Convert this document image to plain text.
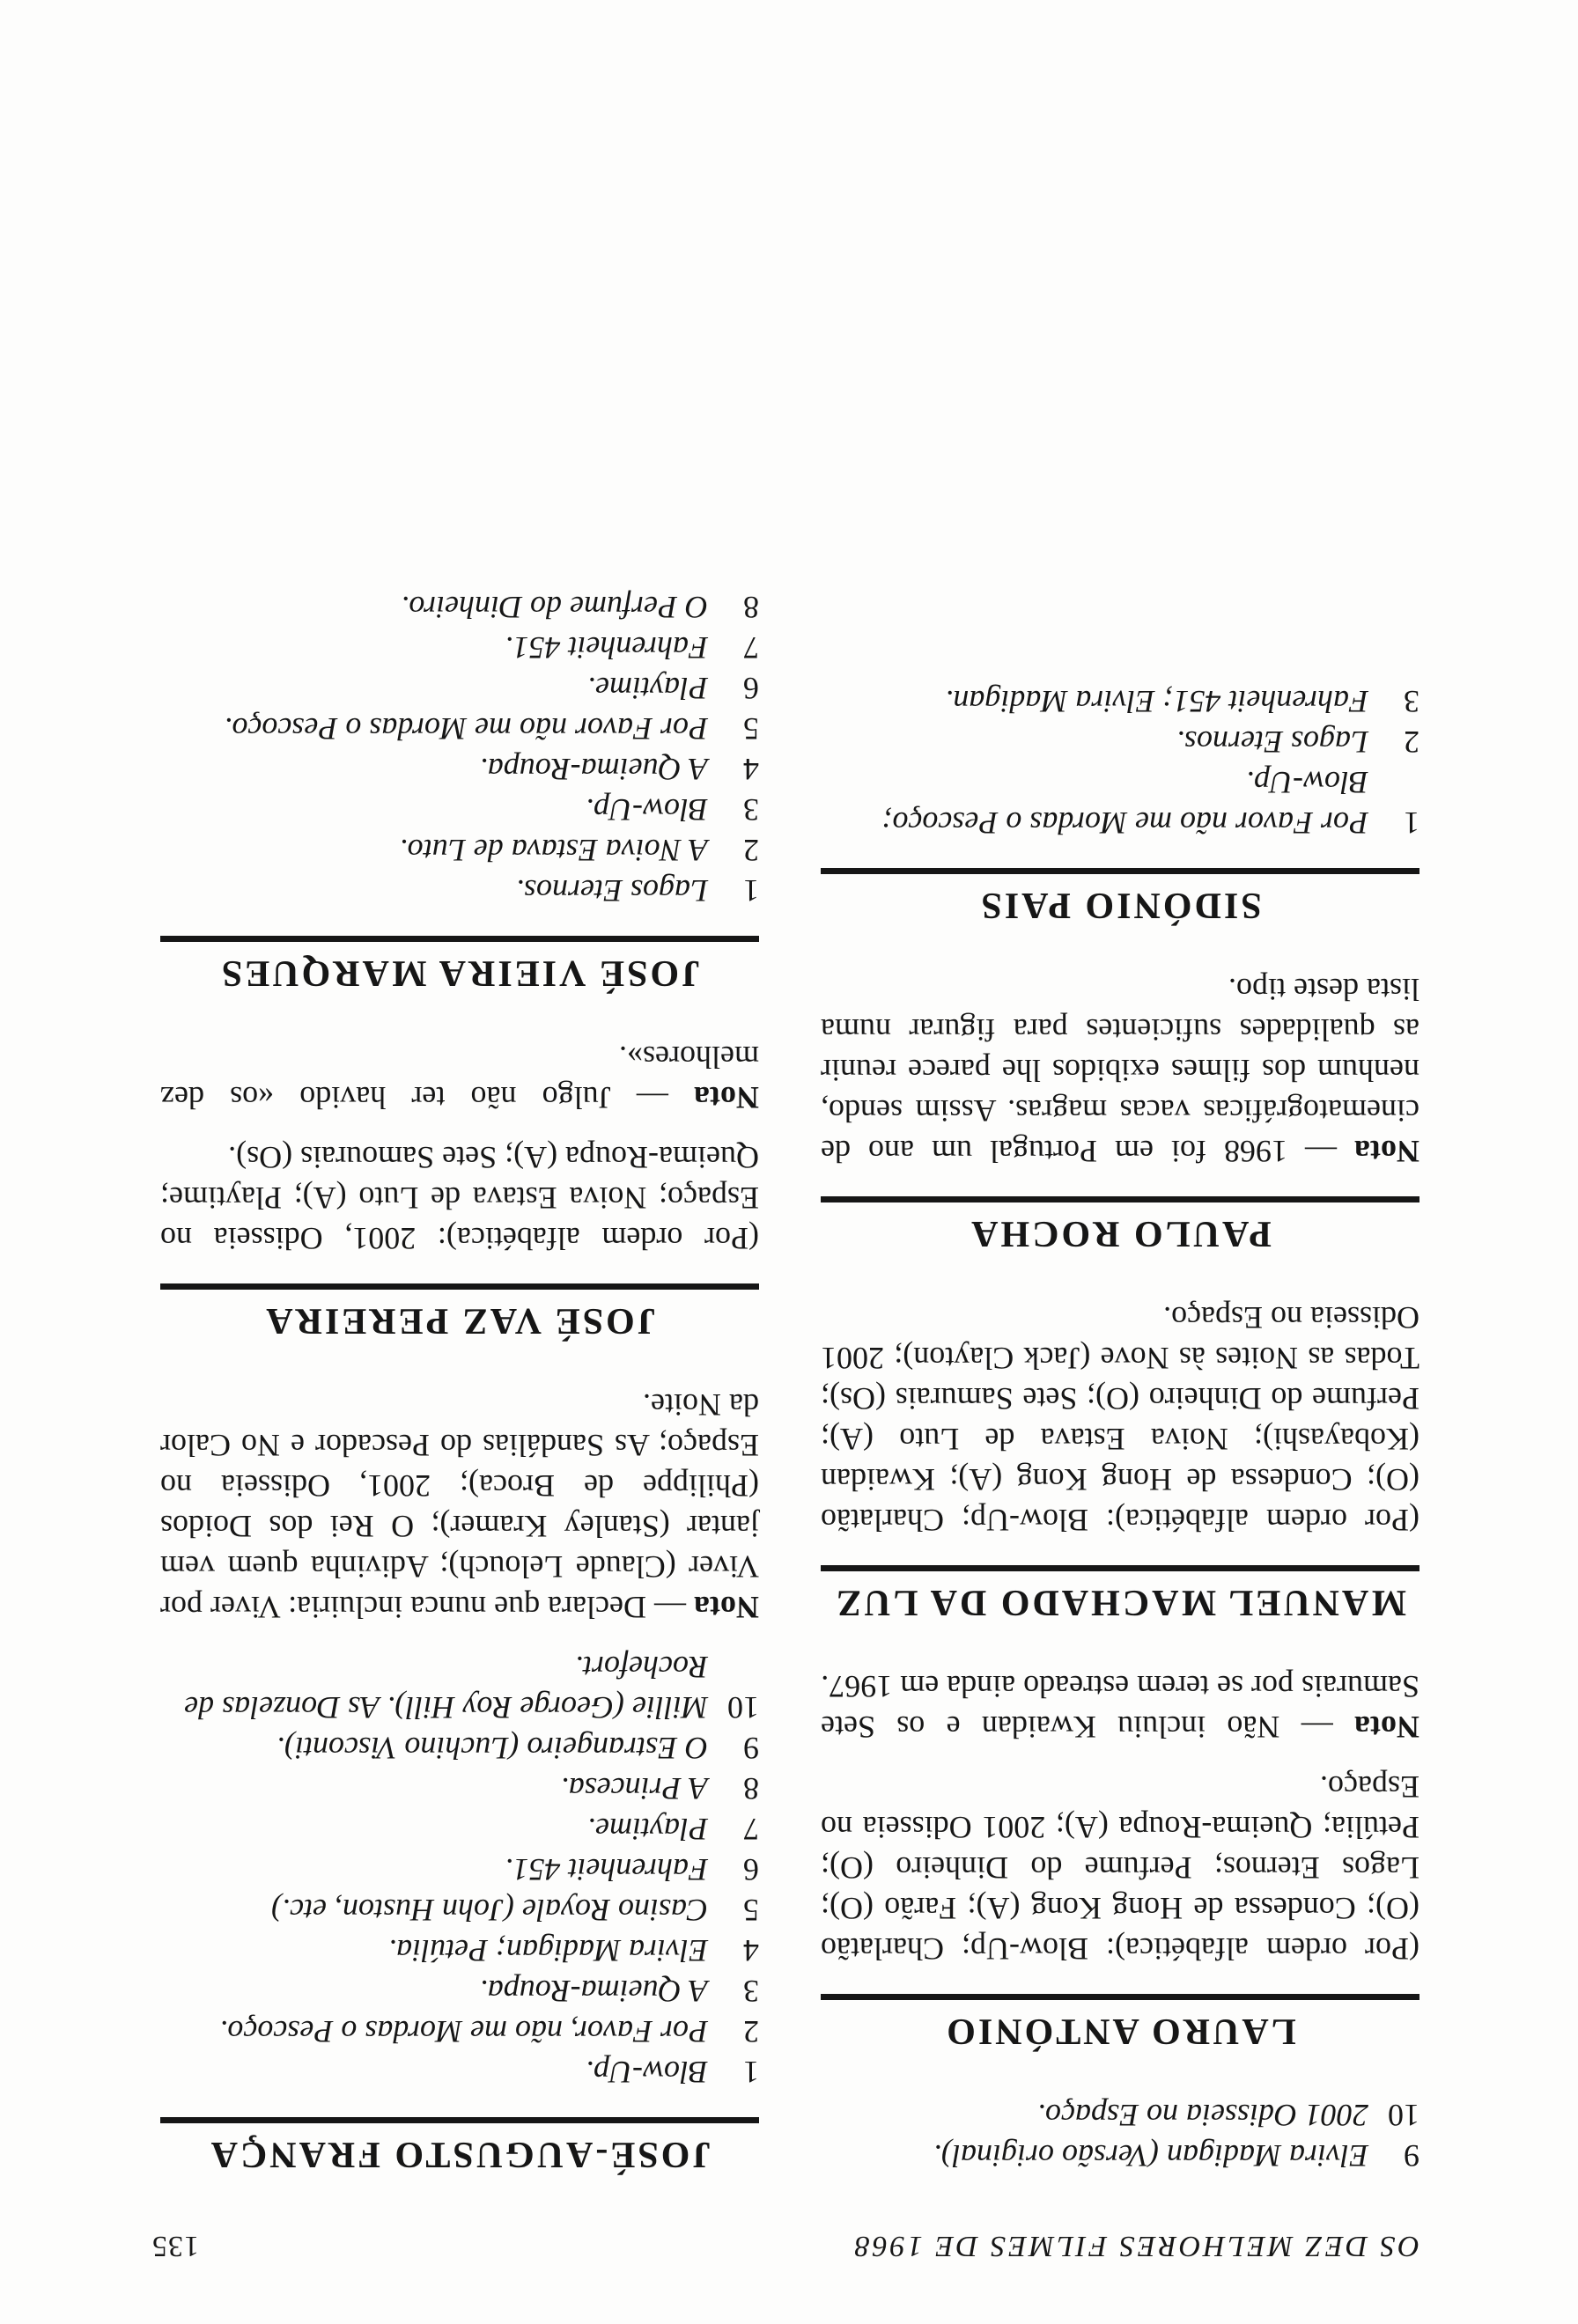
OS DEZ MELHORES FILMES DE 1968
135
9
Elvira Madigan (Versão original).
10
2001 Odisseia no Espaço.
LAURO ANTÓNIO

(Por ordem alfabética): Blow-Up; Charlatão (O); Condessa de Hong Kong (A); Farão (O); Lagos Eternos; Perfume do Dinheiro (O); Petúlia; Queima-Roupa (A); 2001 Odisseia no Espaço.

Nota — Não incluiu Kwaidan e os Sete Samurais por se terem estreado ainda em 1967.

MANUEL MACHADO DA LUZ

(Por ordem alfabética): Blow-Up; Charlatão (O); Condessa de Hong Kong (A); Kwaidan (Kobayashi); Noiva Estava de Luto (A); Perfume do Dinheiro (O); Sete Samurais (Os); Todas as Noites às Nove (Jack Clayton); 2001 Odisseia no Espaço.

PAULO ROCHA

Nota — 1968 foi em Portugal um ano de cinematográficas vacas magras. Assim sendo, nenhum dos filmes exibidos lhe parece reunir as qualidades suficientes para figurar numa lista deste tipo.

SIDÓNIO PAIS
1
Por Favor não me Mordas o Pescoço; Blow-Up.
2
Lagos Eternos.
3
Fahrenheit 451; Elvira Madigan.
JOSÉ-AUGUSTO FRANÇA
1
Blow-Up.
2
Por Favor, não me Mordas o Pescoço.
3
A Queima-Roupa.
4
Elvira Madigan; Petúlia.
5
Casino Royale (John Huston, etc.)
6
Fahrenheit 451.
7
Playtime.
8
A Princesa.
9
O Estrangeiro (Luchino Visconti).
10
Millie (George Roy Hill). As Donzelas de Rochefort.

Nota — Declara que nunca incluiria: Viver por Viver (Claude Lelouch); Adivinha quem vem jantar (Stanley Kramer); O Rei dos Doidos (Philippe de Broca); 2001, Odisseia no Espaço; As Sandálias do Pescador e No Calor da Noite.

JOSÉ VAZ PEREIRA

(Por ordem alfabética): 2001, Odisseia no Espaço; Noiva Estava de Luto (A); Playtime; Queima-Roupa (A); Sete Samourais (Os).

Nota — Julgo não ter havido «os dez melhores».

JOSÉ VIEIRA MARQUES
1
Lagos Eternos.
2
A Noiva Estava de Luto.
3
Blow-Up.
4
A Queima-Roupa.
5
Por Favor não me Mordas o Pescoço.
6
Playtime.
7
Fahrenheit 451.
8
O Perfume do Dinheiro.
